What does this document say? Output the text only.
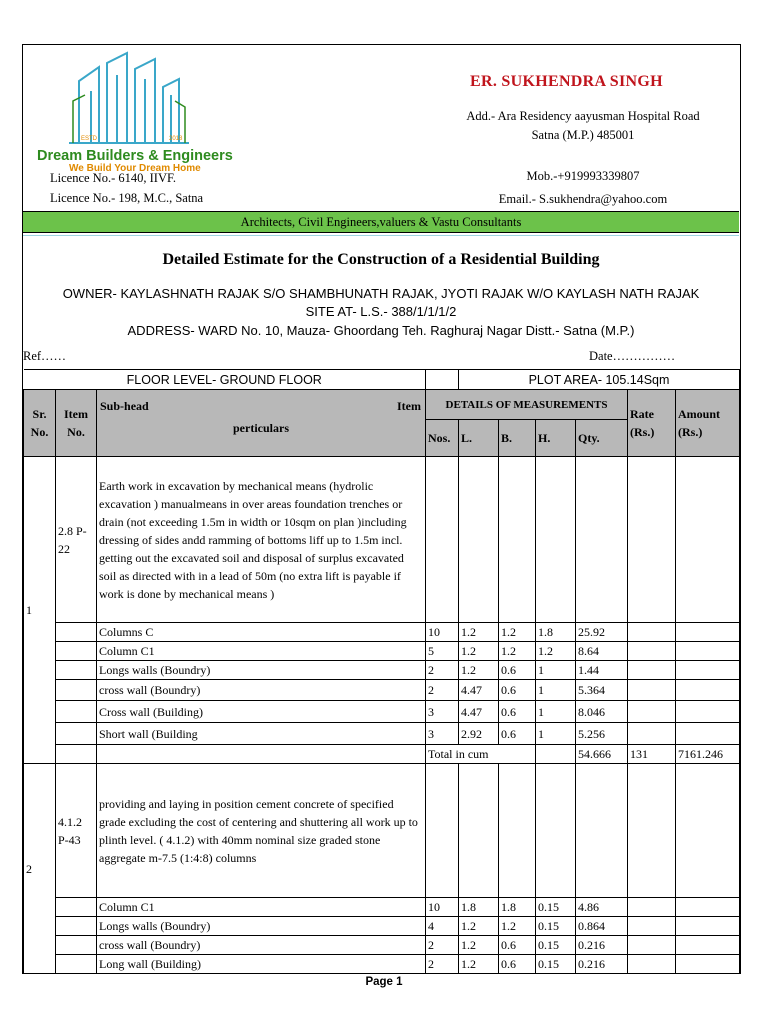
ESTD	2018
Dream Builders & Engineers
We Build Your Dream Home
Licence No.- 6140, IIVF.
Licence No.- 198, M.C., Satna
ER. SUKHENDRA SINGH
Add.- Ara Residency aayusman Hospital Road
Satna (M.P.) 485001
Mob.-+919993339807
Email.- S.sukhendra@yahoo.com
Architects, Civil Engineers,valuers & Vastu Consultants
Detailed Estimate for the Construction of a Residential Building
OWNER- KAYLASHNATH RAJAK S/O SHAMBHUNATH RAJAK, JYOTI RAJAK W/O KAYLASH NATH RAJAK
SITE AT- L.S.- 388/1/1/1/2
ADDRESS- WARD No. 10, Mauza- Ghoordang Teh. Raghuraj Nagar Distt.- Satna (M.P.)
Ref……	Date……………
FLOOR LEVEL- GROUND FLOOR				PLOT AREA- 105.14Sqm					
Sr. No.	Item No.	Sub-head Item
perticulars	DETAILS OF MEASUREMENTS					Rate (Rs.)	Amount (Rs.)
			Nos.	L.	B.	H.	Qty.		
1	2.8 P-22	Earth work in excavation by mechanical means (hydrolic excavation ) manualmeans in over areas foundation trenches or drain (not exceeding 1.5m in width or 10sqm on plan )including dressing of sides andd ramming of bottoms liff up to 1.5m incl. getting out the excavated soil and disposal of surplus excavated soil as directed with in a lead of 50m (no extra lift is payable if work is done by mechanical means )							
		Columns C	10	1.2	1.2	1.8	25.92		
		Column C1	5	1.2	1.2	1.2	8.64		
		Longs walls (Boundry)	2	1.2	0.6	1	1.44		
		cross wall (Boundry)	2	4.47	0.6	1	5.364		
		Cross wall (Building)	3	4.47	0.6	1	8.046		
		Short wall (Building	3	2.92	0.6	1	5.256		
			Total in cum				54.666	131	7161.246
2	4.1.2 P-43	providing and laying in position cement concrete of specified grade excluding the cost of centering and shuttering all work up to plinth level. ( 4.1.2) with 40mm nominal size graded stone aggregate m-7.5 (1:4:8) columns							
		Column C1	10	1.8	1.8	0.15	4.86		
		Longs walls (Boundry)	4	1.2	1.2	0.15	0.864		
		cross wall (Boundry)	2	1.2	0.6	0.15	0.216		
		Long wall (Building)	2	1.2	0.6	0.15	0.216		
Page 1
